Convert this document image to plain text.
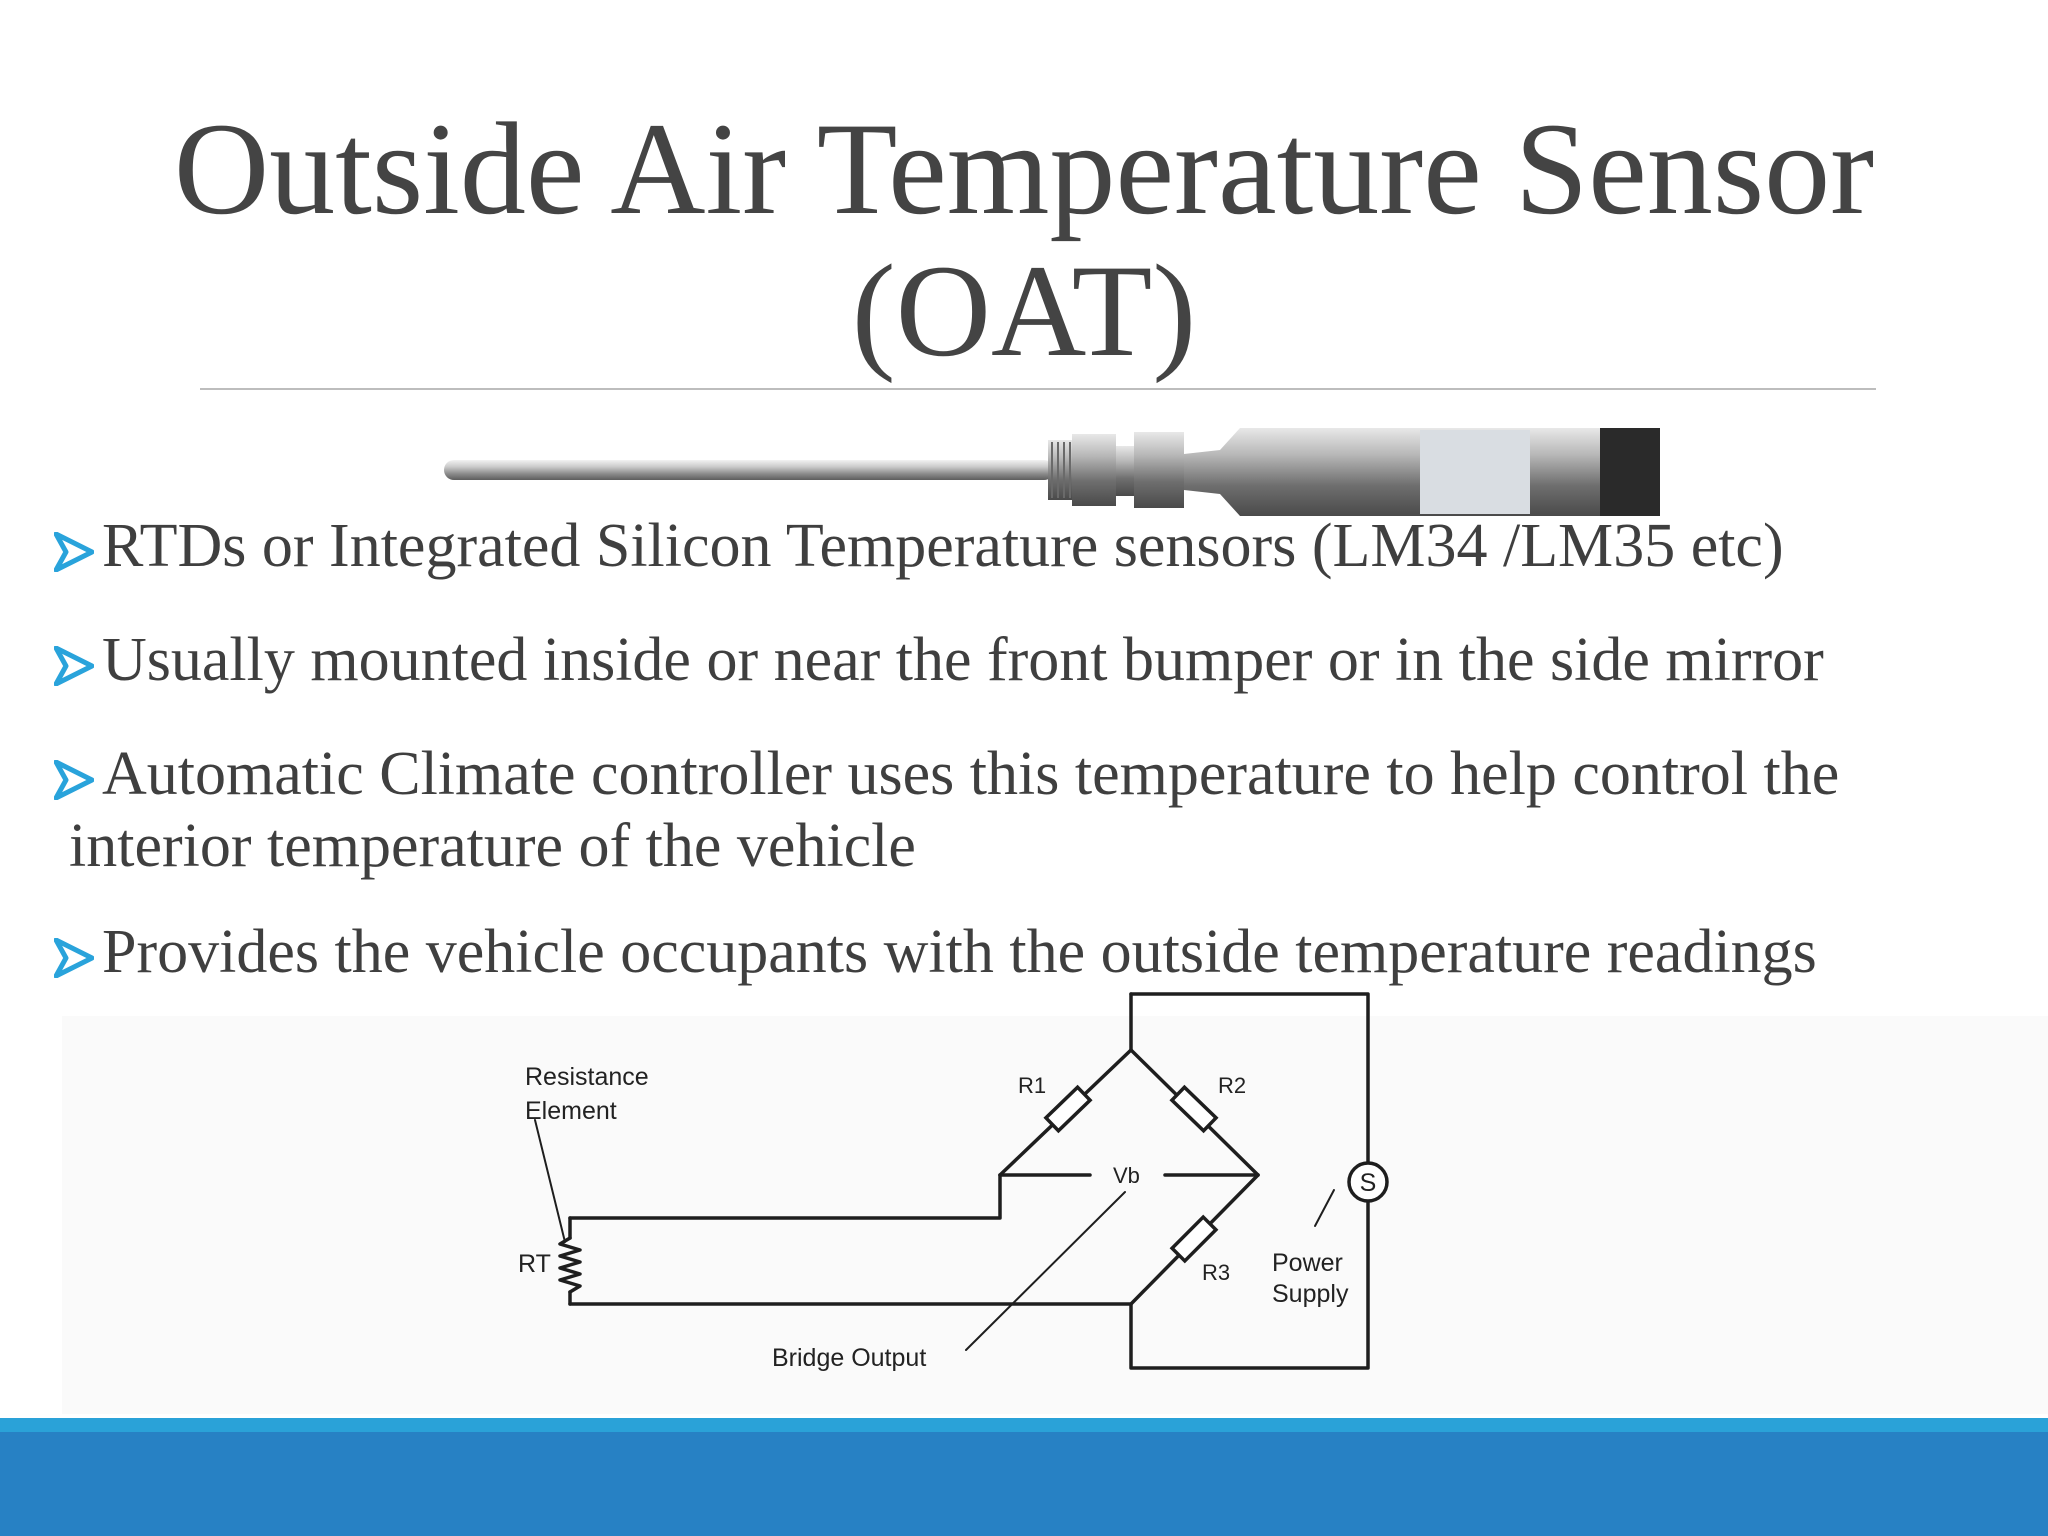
Outside Air Temperature Sensor
(OAT)
RTDs or Integrated Silicon Temperature sensors (LM34 /LM35 etc)
Usually mounted inside or near the front bumper or in the side mirror
Automatic Climate controller uses this temperature to help control the
interior temperature of the vehicle
Provides the vehicle occupants with the outside temperature readings
S
Resistance
Element
RT
R1	R2
R3
Vb
Power
Supply
Bridge Output
